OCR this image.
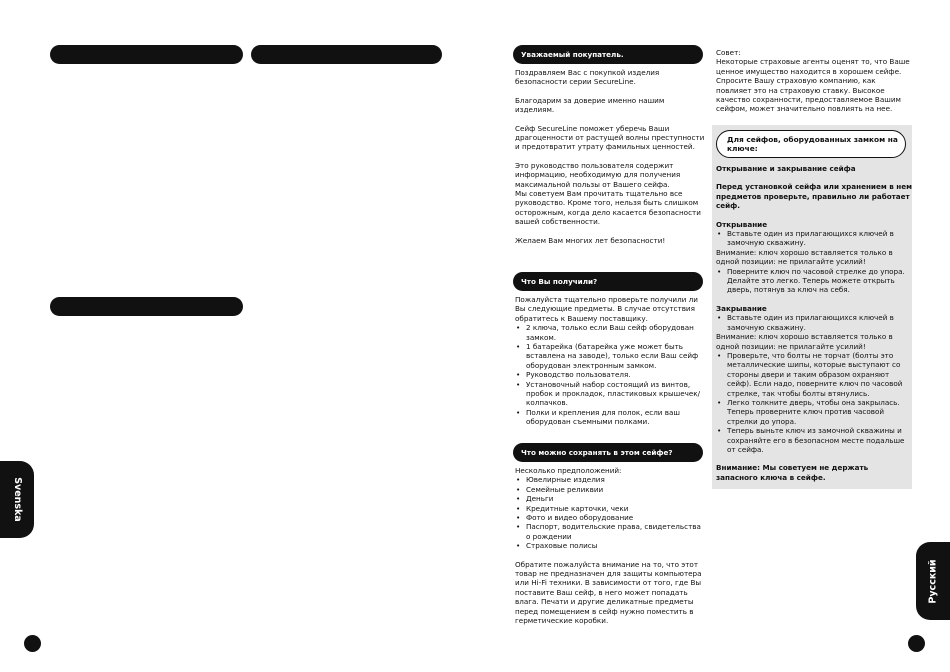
Svenska
Уважаемый покупатель.

Поздравляем Вас с покупкой изделия безопасности серии SecureLine.

Благодарим за доверие именно нашим изделиям.

Сейф SecureLine поможет уберечь Ваши драгоценности от растущей волны преступности и предотвратит утрату фамильных ценностей.

Это руководство пользователя содержит информацию, необходимую для получения максимальной пользы от Вашего сейфа.

Мы советуем Вам прочитать тщательно все руководство. Кроме того, нельзя быть слишком осторожным, когда дело касается безопасности вашей собственности.

Желаем Вам многих лет безопасности!

Что Вы получили?

Пожалуйста тщательно проверьте получили ли Вы следующие предметы. В случае отсутствия обратитесь к Вашему поставщику.

• 2 ключа, только если Ваш сейф оборудован замком.
• 1 батарейка (батарейка уже может быть вставлена на заводе), только если Ваш сейф оборудован электронным замком.
• Руководство пользователя.
• Установочный набор состоящий из винтов, пробок и прокладок, пластиковых крышечек/колпачков.
• Полки и крепления для полок, если ваш оборудован съемными полками.
Что можно сохранять в этом сейфе?

Несколько предположений:

• Ювелирные изделия
• Семейные реликвии
• Деньги
• Кредитные карточки, чеки
• Фото и видео оборудование
• Паспорт, водительские права, свидетельства о рождении
• Страховые полисы

Обратите пожалуйста внимание на то, что этот товар не предназначен для защиты компьютера или Hi-Fi техники. В зависимости от того, где Вы поставите Ваш сейф, в него может попадать влага. Печати и другие деликатные предметы перед помещением в сейф нужно поместить в герметические коробки.

Совет:

Некоторые страховые агенты оценят то, что Ваше ценное имущество находится в хорошем сейфе. Спросите Вашу страховую компанию, как повлияет это на страховую ставку. Высокое качество сохранности, предоставляемое Вашим сейфом, может значительно повлиять на нее.

Для сейфов, оборудованных замком на ключе:

Открывание и закрывание сейфа

Перед установкой сейфа или хранением в нем предметов проверьте, правильно ли работает сейф.

Открывание

• Вставьте один из прилагающихся ключей в замочную скважину.

Внимание: ключ хорошо вставляется только в одной позиции: не прилагайте усилий!

• Поверните ключ по часовой стрелке до упора. Делайте это легко. Теперь можете открыть дверь, потянув за ключ на себя.

Закрывание

• Вставьте один из прилагающихся ключей в замочную скважину.

Внимание: ключ хорошо вставляется только в одной позиции: не прилагайте усилий!

• Проверьте, что болты не торчат (болты это металлические шипы, которые выступают со стороны двери и таким образом охраняют сейф). Если надо, поверните ключ по часовой стрелке, так чтобы болты втянулись.
• Легко толкните дверь, чтобы она закрылась. Теперь проверните ключ против часовой стрелки до упора.
• Теперь выньте ключ из замочной скважины и сохраняйте его в безопасном месте подальше от сейфа.

Внимание: Мы советуем не держать запасного ключа в сейфе.

Русский
